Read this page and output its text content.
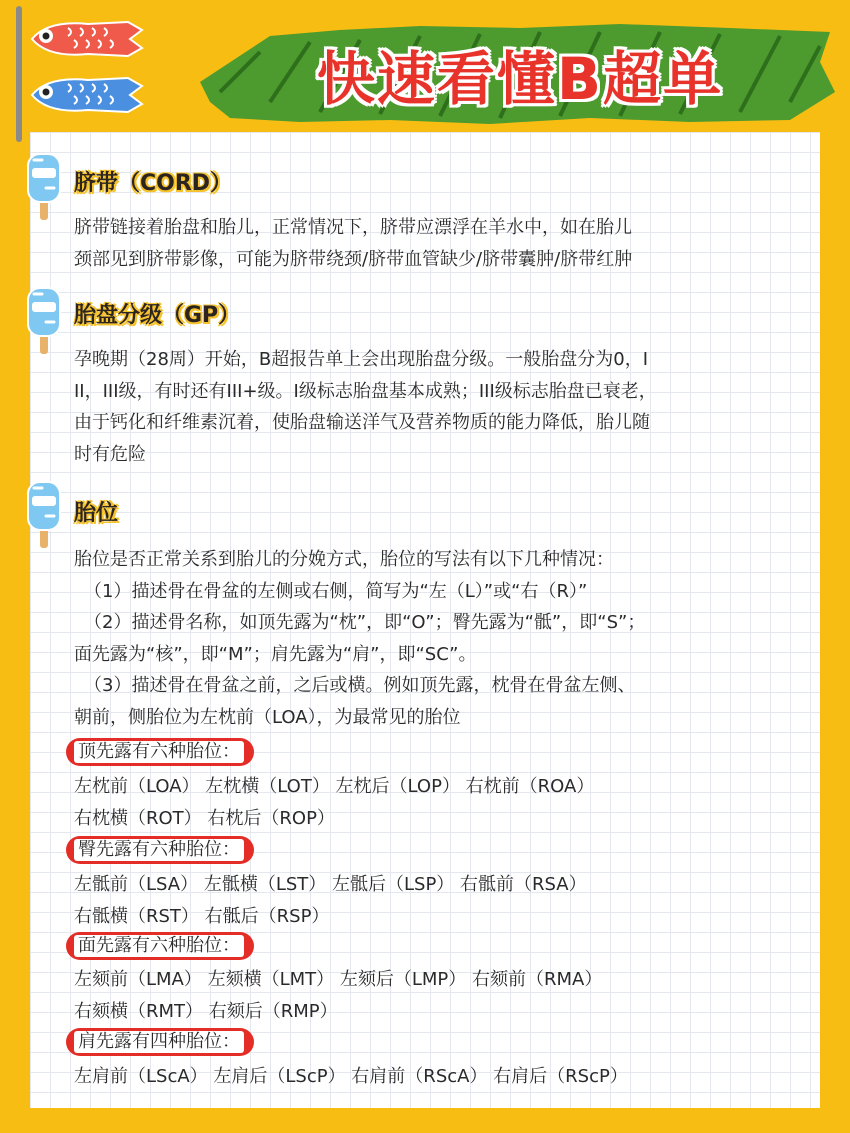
快速看懂B超单
脐带（CORD）
脐带链接着胎盘和胎儿，正常情况下，脐带应漂浮在羊水中，如在胎儿
颈部见到脐带影像，可能为脐带绕颈/脐带血管缺少/脐带囊肿/脐带红肿
胎盘分级（GP）
孕晚期（28周）开始，B超报告单上会出现胎盘分级。一般胎盘分为0，I
II，III级，有时还有III+级。I级标志胎盘基本成熟；III级标志胎盘已衰老，
由于钙化和纤维素沉着，使胎盘输送洋气及营养物质的能力降低，胎儿随
时有危险
胎位
胎位是否正常关系到胎儿的分娩方式，胎位的写法有以下几种情况：
（1）描述骨在骨盆的左侧或右侧，简写为“左（L）”或“右（R）”
（2）描述骨名称，如顶先露为“枕”，即“O”；臀先露为“骶”，即“S”；
面先露为“核”，即“M”；肩先露为“肩”，即“SC”。
（3）描述骨在骨盆之前，之后或横。例如顶先露，枕骨在骨盆左侧、
朝前，侧胎位为左枕前（LOA），为最常见的胎位
顶先露有六种胎位：
左枕前（LOA） 左枕横（LOT） 左枕后（LOP） 右枕前（ROA）
右枕横（ROT） 右枕后（ROP）
臀先露有六种胎位：
左骶前（LSA） 左骶横（LST） 左骶后（LSP） 右骶前（RSA）
右骶横（RST） 右骶后（RSP）
面先露有六种胎位：
左颏前（LMA） 左颏横（LMT） 左颏后（LMP） 右颏前（RMA）
右颏横（RMT） 右颏后（RMP）
肩先露有四种胎位：
左肩前（LScA） 左肩后（LScP） 右肩前（RScA） 右肩后（RScP）
